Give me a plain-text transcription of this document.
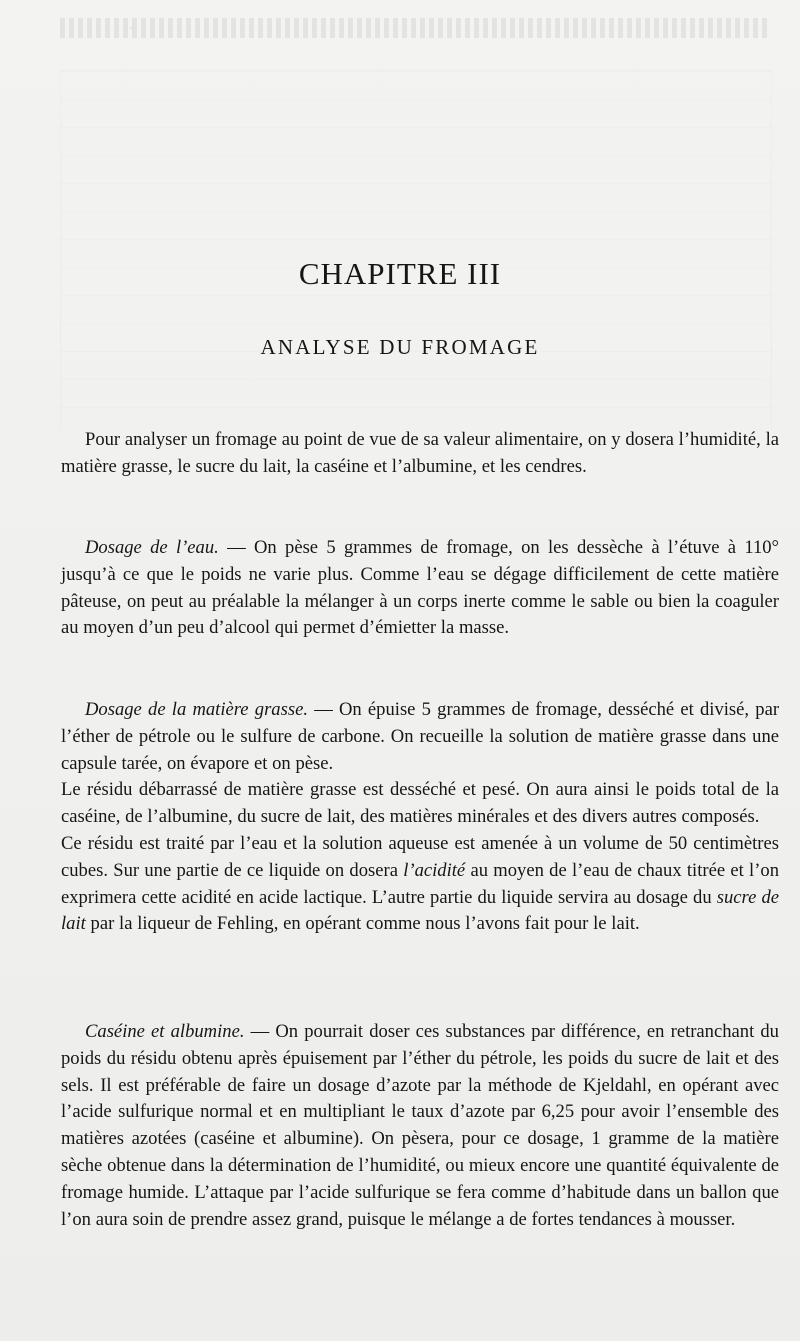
CHAPITRE III
ANALYSE DU FROMAGE
Pour analyser un fromage au point de vue de sa valeur alimentaire, on y dosera l’humidité, la matière grasse, le sucre du lait, la caséine et l’albumine, et les cendres.
Dosage de l’eau. — On pèse 5 grammes de fromage, on les dessèche à l’étuve à 110° jusqu’à ce que le poids ne varie plus. Comme l’eau se dégage difficilement de cette matière pâteuse, on peut au préalable la mélanger à un corps inerte comme le sable ou bien la coaguler au moyen d’un peu d’alcool qui permet d’émietter la masse.
Dosage de la matière grasse. — On épuise 5 grammes de fromage, desséché et divisé, par l’éther de pétrole ou le sulfure de carbone. On recueille la solution de matière grasse dans une capsule tarée, on évapore et on pèse.
Le résidu débarrassé de matière grasse est desséché et pesé. On aura ainsi le poids total de la caséine, de l’albumine, du sucre de lait, des matières minérales et des divers autres composés.
Ce résidu est traité par l’eau et la solution aqueuse est amenée à un volume de 50 centimètres cubes. Sur une partie de ce liquide on dosera l’acidité au moyen de l’eau de chaux titrée et l’on exprimera cette acidité en acide lactique. L’autre partie du liquide servira au dosage du sucre de lait par la liqueur de Fehling, en opérant comme nous l’avons fait pour le lait.
Caséine et albumine. — On pourrait doser ces substances par différence, en retranchant du poids du résidu obtenu après épuisement par l’éther du pétrole, les poids du sucre de lait et des sels. Il est préférable de faire un dosage d’azote par la méthode de Kjeldahl, en opérant avec l’acide sulfurique normal et en multipliant le taux d’azote par 6,25 pour avoir l’ensemble des matières azotées (caséine et albumine). On pèsera, pour ce dosage, 1 gramme de la matière sèche obtenue dans la détermination de l’humidité, ou mieux encore une quantité équivalente de fromage humide. L’attaque par l’acide sulfurique se fera comme d’habitude dans un ballon que l’on aura soin de prendre assez grand, puisque le mélange a de fortes tendances à mousser.
